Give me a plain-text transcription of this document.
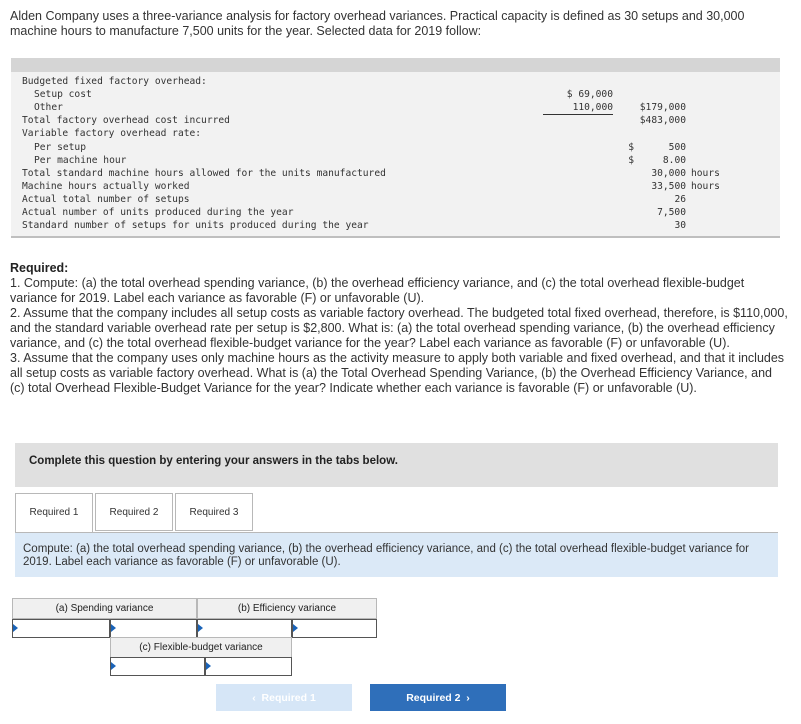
Alden Company uses a three-variance analysis for factory overhead variances. Practical capacity is defined as 30 setups and 30,000 machine hours to manufacture 7,500 units for the year. Selected data for 2019 follow:
Budgeted fixed factory overhead:
Setup cost	$ 69,000
Other	110,000	$179,000
Total factory overhead cost incurred	$483,000
Variable factory overhead rate:
Per setup	$      500
Per machine hour	$     8.00
Total standard machine hours allowed for the units manufactured	30,000 hours
Machine hours actually worked	33,500 hours
Actual total number of setups	26
Actual number of units produced during the year	7,500
Standard number of setups for units produced during the year	30
Required:
1. Compute: (a) the total overhead spending variance, (b) the overhead efficiency variance, and (c) the total overhead flexible-budget variance for 2019. Label each variance as favorable (F) or unfavorable (U).
2. Assume that the company includes all setup costs as variable factory overhead. The budgeted total fixed overhead, therefore, is $110,000, and the standard variable overhead rate per setup is $2,800. What is: (a) the total overhead spending variance, (b) the overhead efficiency variance, and (c) the total overhead flexible-budget variance for the year? Label each variance as favorable (F) or unfavorable (U).
3. Assume that the company uses only machine hours as the activity measure to apply both variable and fixed overhead, and that it includes all setup costs as variable factory overhead. What is (a) the Total Overhead Spending Variance, (b) the Overhead Efficiency Variance, and (c) total Overhead Flexible-Budget Variance for the year? Indicate whether each variance is favorable (F) or unfavorable (U).
Complete this question by entering your answers in the tabs below.
Required 1	Required 2	Required 3
Compute: (a) the total overhead spending variance, (b) the overhead efficiency variance, and (c) the total overhead flexible-budget variance for 2019. Label each variance as favorable (F) or unfavorable (U).
(a) Spending variance	(b) Efficiency variance
(c) Flexible-budget variance
‹ Required 1	Required 2 ›
